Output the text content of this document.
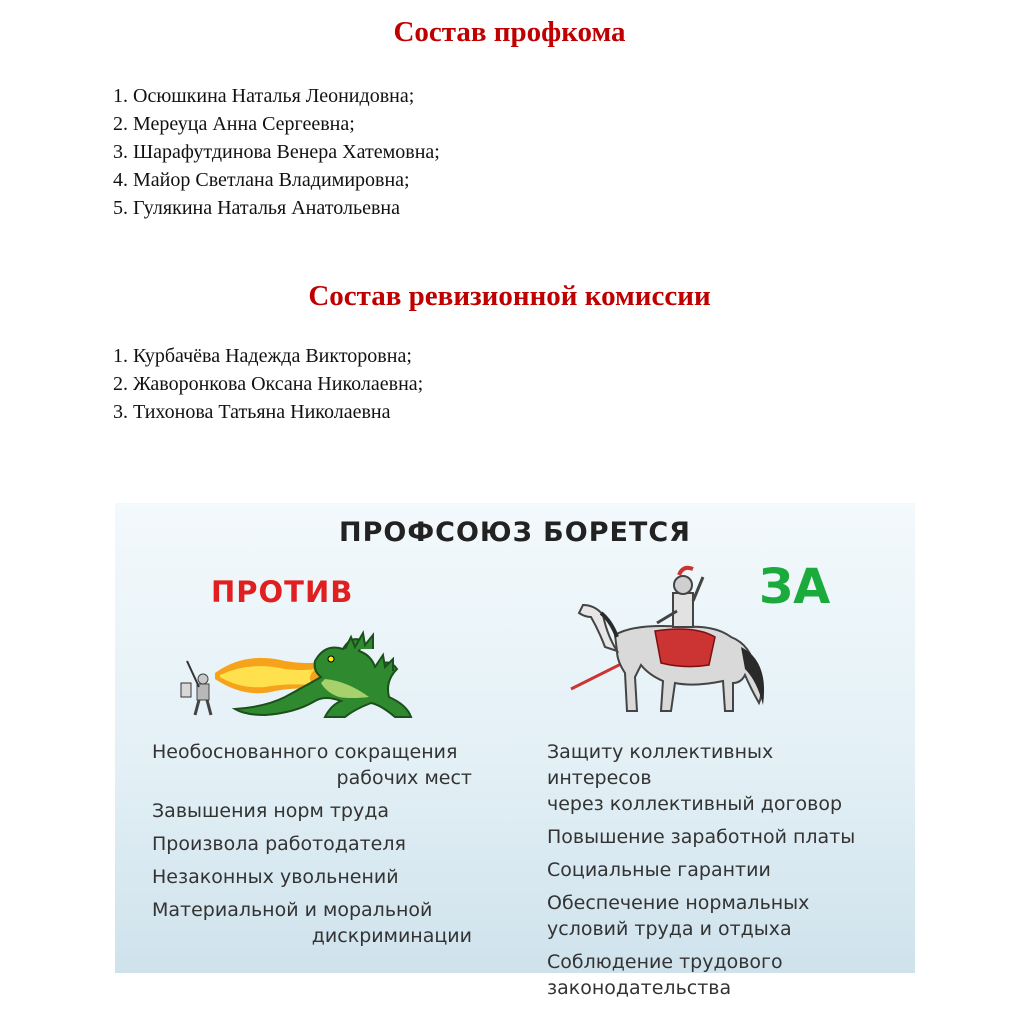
Состав профкома
1. Осюшкина Наталья Леонидовна;
2. Мереуца Анна Сергеевна;
3. Шарафутдинова Венера Хатемовна;
4. Майор Светлана Владимировна;
5. Гулякина Наталья Анатольевна
Состав ревизионной комиссии
1. Курбачёва Надежда Викторовна;
2. Жаворонкова Оксана Николаевна;
3. Тихонова Татьяна Николаевна
ПРОФСОЮЗ БОРЕТСЯ
ПРОТИВ	ЗА
Необоснованного сокращения
рабочих мест
Завышения норм труда
Произвола работодателя
Незаконных увольнений
Материальной и моральной
дискриминации
Защиту коллективных интересов
через коллективный договор
Повышение заработной платы
Социальные гарантии
Обеспечение нормальных
условий труда и отдыха
Соблюдение трудового
законодательства
